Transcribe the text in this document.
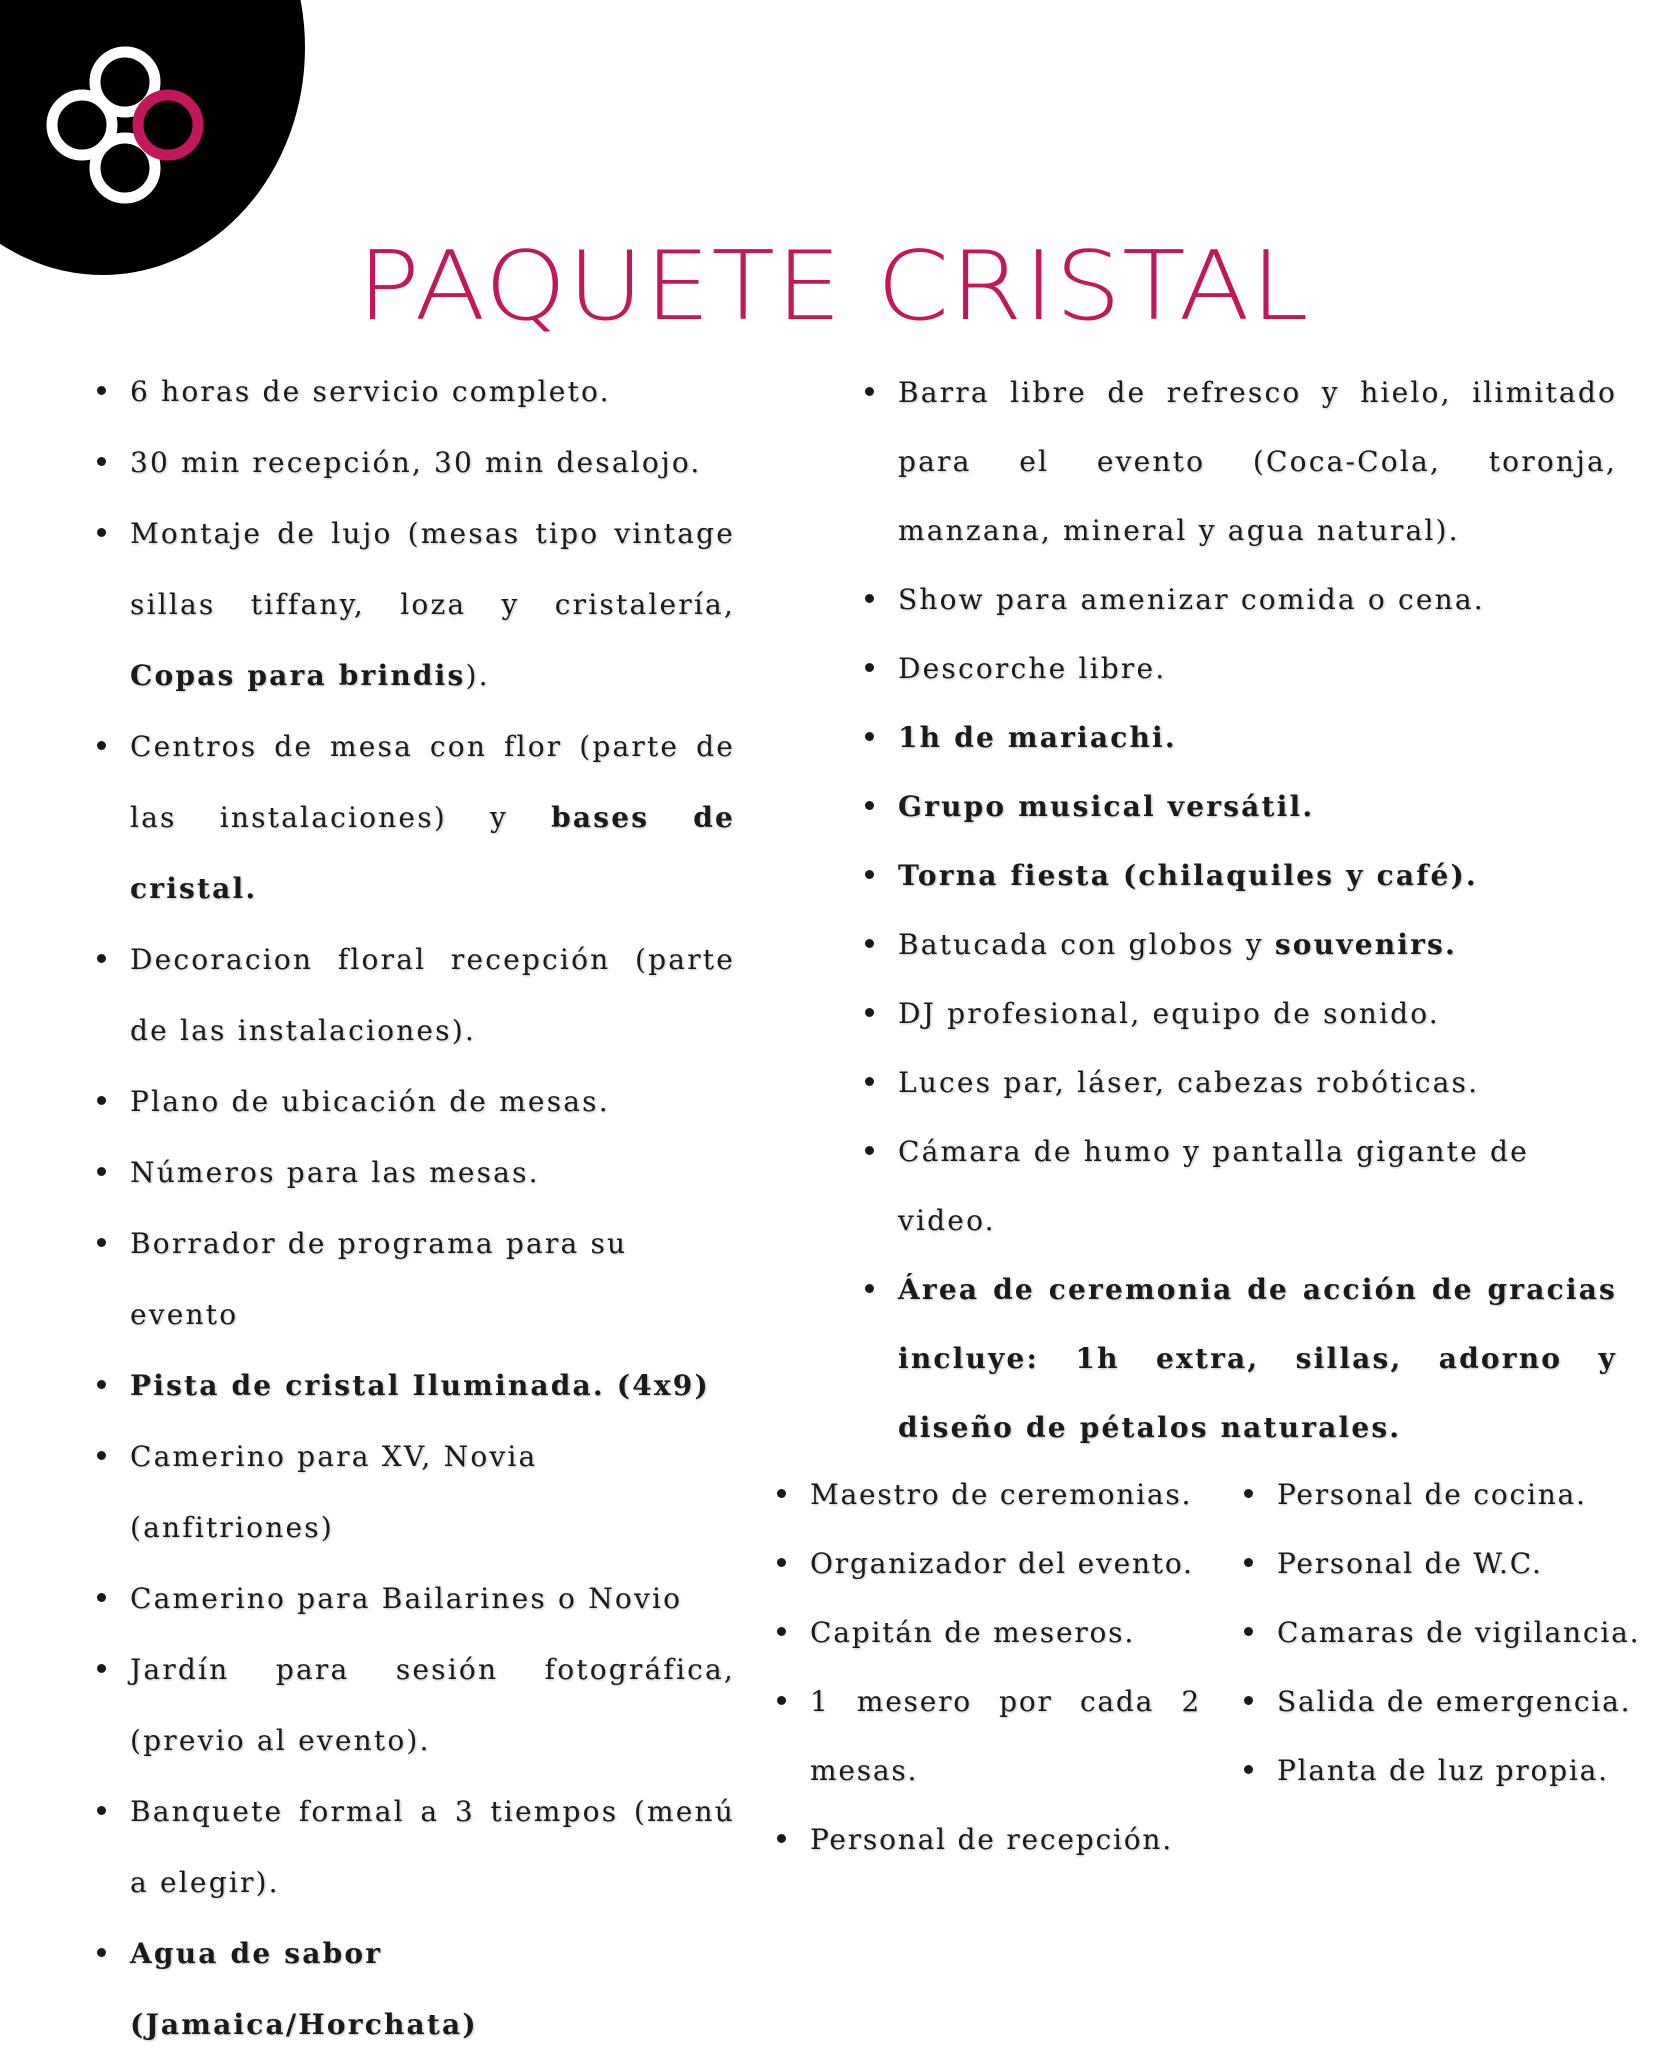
PAQUETE CRISTAL
6 horas de servicio completo.
30 min recepción, 30 min desalojo.
Montaje de lujo (mesas tipo vintage sillas tiffany, loza y cristalería, Copas para brindis).
Centros de mesa con flor (parte de las instalaciones) y bases de cristal.
Decoracion floral recepción (parte de las instalaciones).
Plano de ubicación de mesas.
Números para las mesas.
Borrador de programa para su evento
Pista de cristal Iluminada. (4x9)
Camerino para XV, Novia (anfitriones)
Camerino para Bailarines o Novio
Jardín para sesión fotográfica, (previo al evento).
Banquete formal a 3 tiempos (menú a elegir).
Agua de sabor (Jamaica/Horchata)
Barra libre de refresco y hielo, ilimitado para el evento (Coca-Cola, toronja, manzana, mineral y agua natural).
Show para amenizar comida o cena.
Descorche libre.
1h de mariachi.
Grupo musical versátil.
Torna fiesta (chilaquiles y café).
Batucada con globos y souvenirs.
DJ profesional, equipo de sonido.
Luces par, láser, cabezas robóticas.
Cámara de humo y pantalla gigante de video.
Área de ceremonia de acción de gracias incluye: 1h extra, sillas, adorno y diseño de pétalos naturales.
Maestro de ceremonias.
Organizador del evento.
Capitán de meseros.
1 mesero por cada 2 mesas.
Personal de recepción.
Personal de cocina.
Personal de W.C.
Camaras de vigilancia.
Salida de emergencia.
Planta de luz propia.
